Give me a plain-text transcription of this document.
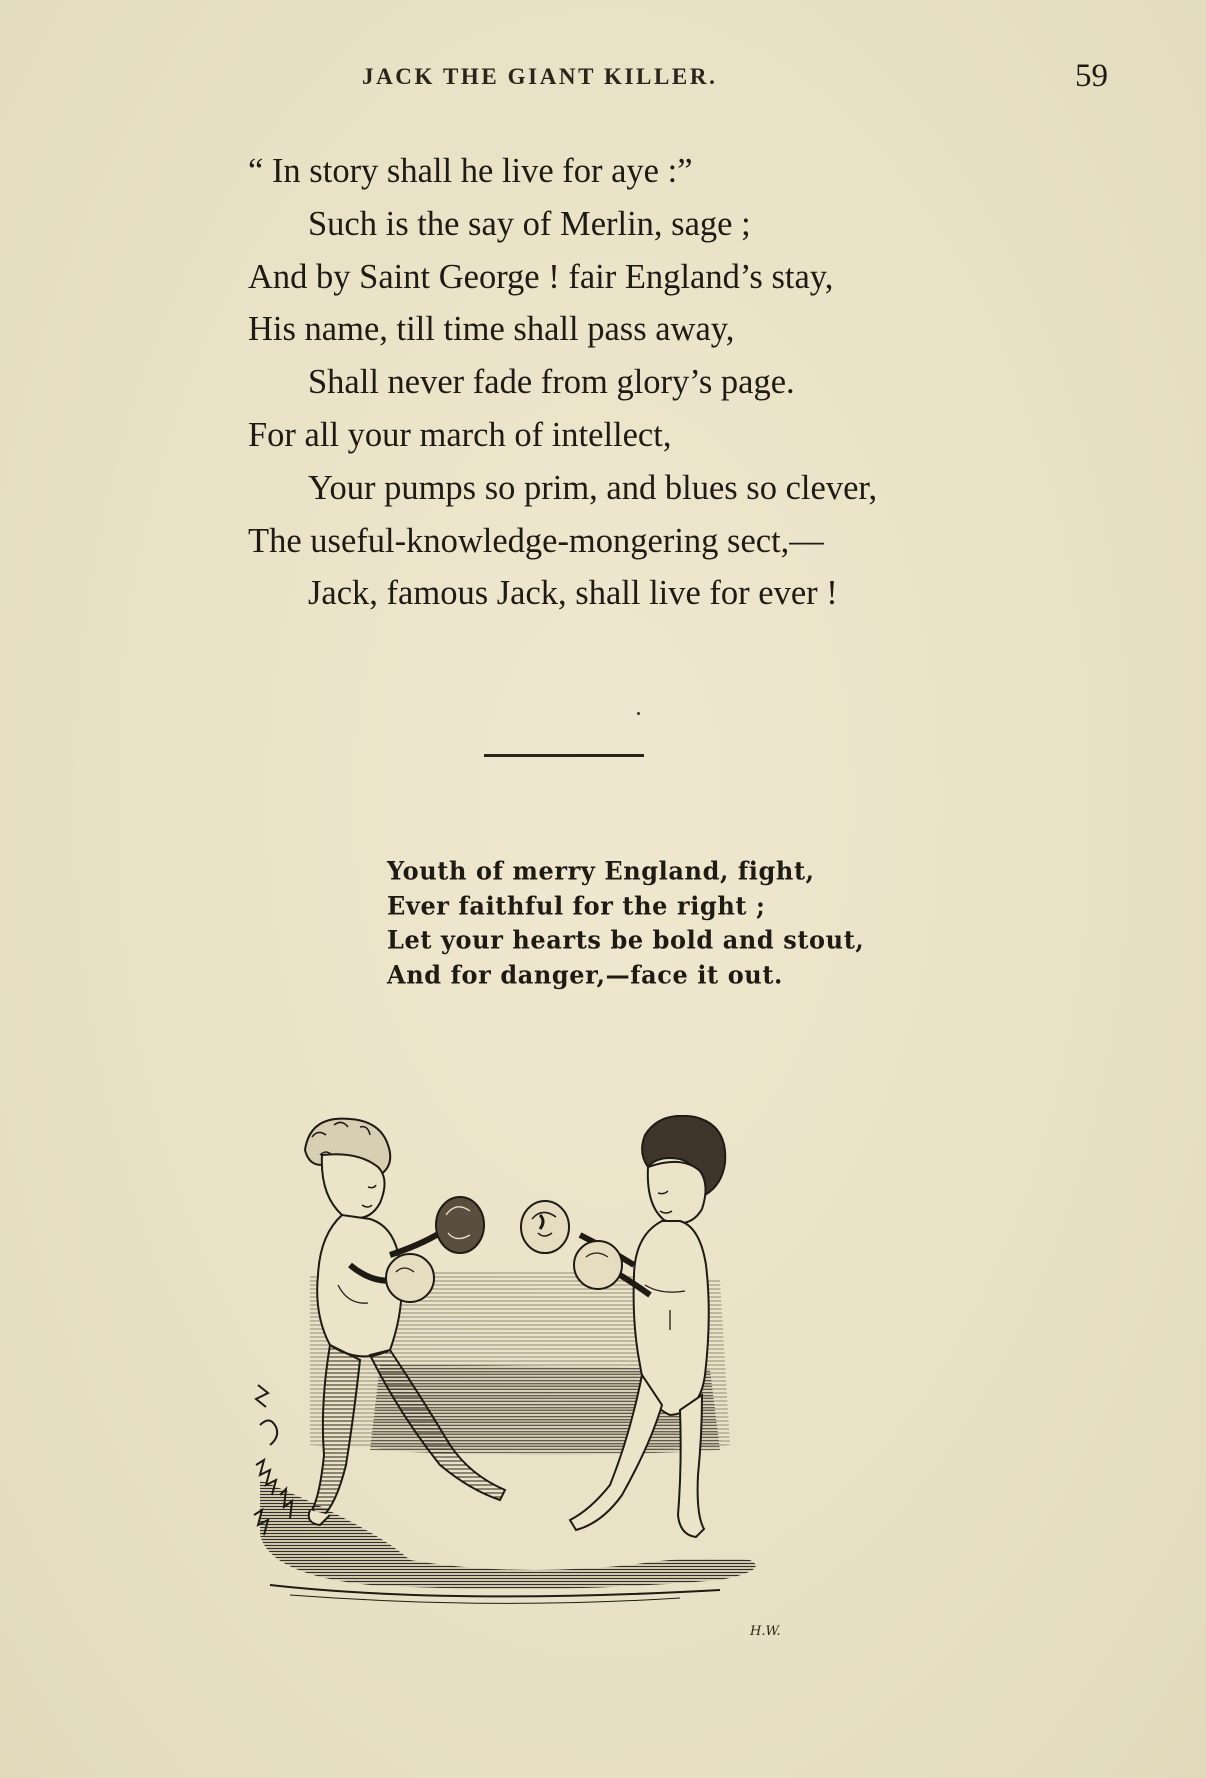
JACK THE GIANT KILLER.	59
“ In story shall he live for aye :”
Such is the say of Merlin, sage ;
And by Saint George ! fair England’s stay,
His name, till time shall pass away,
Shall never fade from glory’s page.
For all your march of intellect,
Your pumps so prim, and blues so clever,
The useful-knowledge-mongering sect,—
Jack, famous Jack, shall live for ever !
Youth of merry England, fight,
Ever faithful for the right ;
Let your hearts be bold and stout,
And for danger,—face it out.
H.W.
